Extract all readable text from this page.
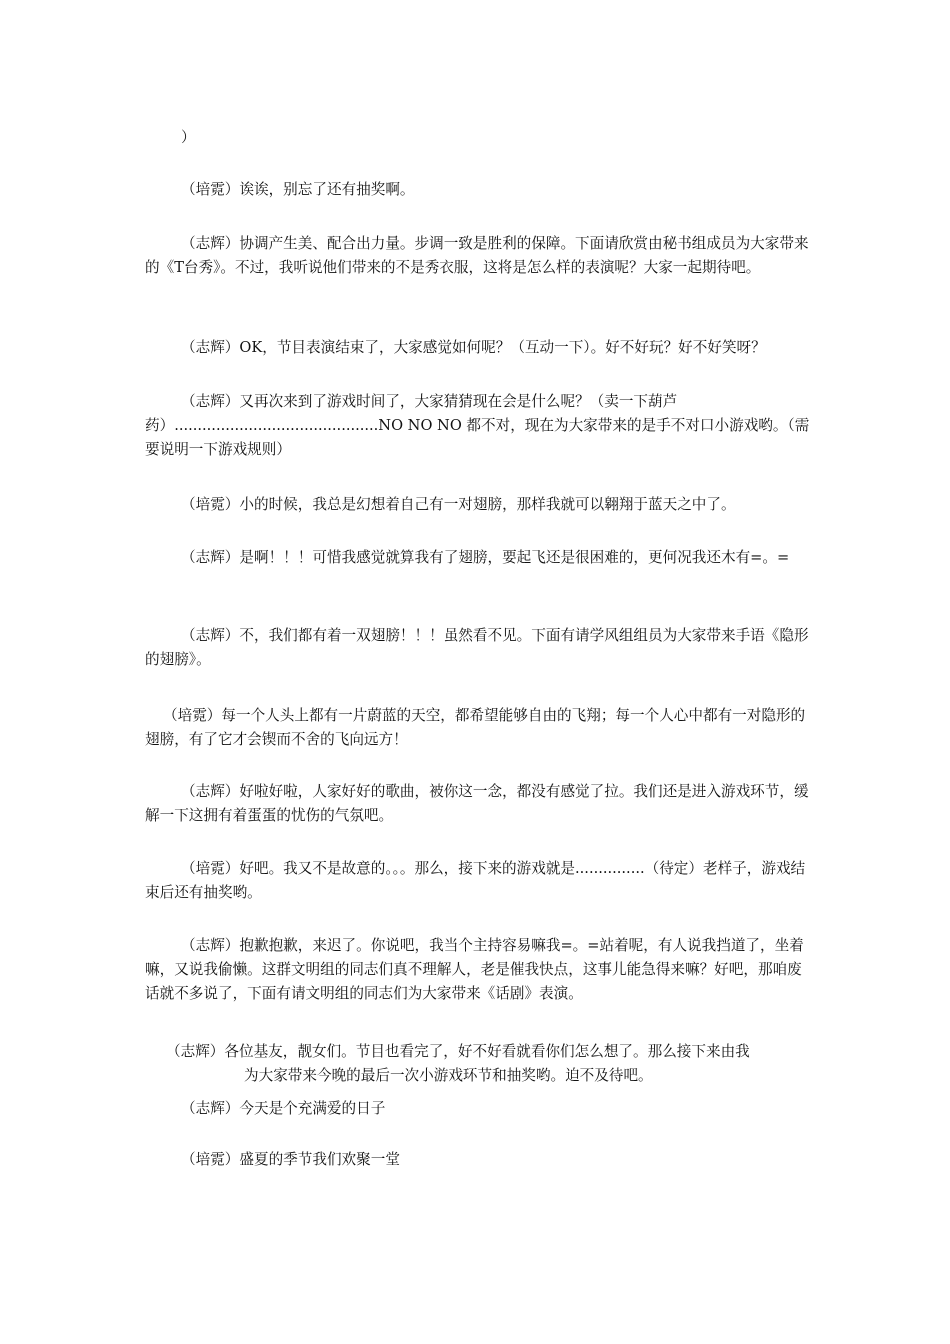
）
（培霓）诶诶，别忘了还有抽奖啊。
（志辉）协调产生美、配合出力量。步调一致是胜利的保障。下面请欣赏由秘书组成员为大家带来的《T台秀》。不过，我听说他们带来的不是秀衣服，这将是怎么样的表演呢？大家一起期待吧。
（志辉）OK，节目表演结束了，大家感觉如何呢？（互动一下）。好不好玩？好不好笑呀？
（志辉）又再次来到了游戏时间了，大家猜猜现在会是什么呢？（卖一下葫芦药）............................................NO NO NO 都不对，现在为大家带来的是手不对口小游戏哟。（需要说明一下游戏规则）
（培霓）小的时候，我总是幻想着自己有一对翅膀，那样我就可以翱翔于蓝天之中了。
（志辉）是啊！！！可惜我感觉就算我有了翅膀，要起飞还是很困难的，更何况我还木有=。=
（志辉）不，我们都有着一双翅膀！！！虽然看不见。下面有请学风组组员为大家带来手语《隐形的翅膀》。
（培霓）每一个人头上都有一片蔚蓝的天空，都希望能够自由的飞翔；每一个人心中都有一对隐形的翅膀，有了它才会锲而不舍的飞向远方！
（志辉）好啦好啦，人家好好的歌曲，被你这一念，都没有感觉了拉。我们还是进入游戏环节，缓解一下这拥有着蛋蛋的忧伤的气氛吧。
（培霓）好吧。我又不是故意的。。。那么，接下来的游戏就是...............（待定）老样子，游戏结束后还有抽奖哟。
（志辉）抱歉抱歉，来迟了。你说吧，我当个主持容易嘛我=。=站着呢，有人说我挡道了，坐着嘛，又说我偷懒。这群文明组的同志们真不理解人，老是催我快点，这事儿能急得来嘛？好吧，那咱废话就不多说了，下面有请文明组的同志们为大家带来《话剧》表演。
（志辉）各位基友，靓女们。节目也看完了，好不好看就看你们怎么想了。那么接下来由我
为大家带来今晚的最后一次小游戏环节和抽奖哟。迫不及待吧。
（志辉）今天是个充满爱的日子
（培霓）盛夏的季节我们欢聚一堂
